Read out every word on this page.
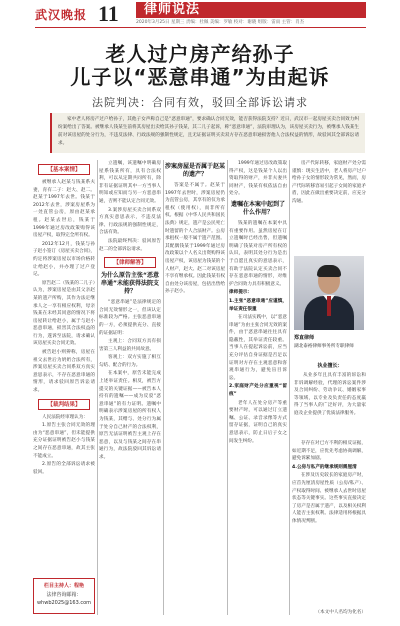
武汉晚报 11 律师说法
2020年3月25日 星期三 责编：杜佩 美编：罗敏 校对：谢晓 组版：雷雨 主管：肖杰
老人过户房产给孙子
儿子以“恶意串通”为由起诉
法院判决：合同有效，驳回全部诉讼请求

家中老人将房产过户给孙子，其他子女声称自己是“恶意串通”，要求确认合同无效，能否获得法院支持？近日，武汉市一起房屋买卖合同效力纠纷案给出了答案。被继承人钱某生前将其房屋出卖给其孙子钱某，其二儿子起诉，称“恶意串通”，法院审理认为，该房屋买卖行为，被继承人钱某生前对该房屋的处分行为，不违反法律、行政法规的强制性规定，且无证据证明买卖双方存在恶意串通损害他人合法权益的情形，故驳回其全部诉讼请求。

【基本案情】

被继承人赵某与钱某系夫妻，育有二子：赵大、赵二。赵某于1997年去世。钱某于2012年去世，涉案房屋系为一处直管公房，原由赵某承租。赵某去世后，钱某于1999年通过房改政策购得该房屋产权，取得完全所有权。

2012年12月，钱某与孙子赵小签订《房屋买卖合同》，约定将涉案房屋以市场价格转让给赵小，并办理了过户登记。

原告赵二（钱某的二儿子）认为，涉案房屋是由其父亲赵某的遗产所购，其作为法定继承人之一享有相应权利，母亲钱某在未经其同意的情况下将房屋转让给赵小，属于与赵小恶意串通，损害其合法权益的行为，遂诉至法院，请求确认该房屋买卖合同无效。

被告赵小则辨称，房屋在祖父去世后为奶奶合法所有，涉案房屋买卖合同系双方真实意思表示，不存在恶意串通的情形，请求驳回原告诉讼请求。

【裁判结果】

人民法院经审理认为：

1.原告主张合同无效的理由为“恶意串通”，但未能提供充分证据证明被告赵小与钱某之间存在恶意串通，故其主张不能成立。

2.原告的全部诉讼请求被驳回。

栏目主持人：程艳
法律咨询邮箱：
whwb2025@163.com

立遗嘱，该遗嘱中明确房屋系钱某所有，具有合法权利，可以从定期共同所有，除非有证据证明其中一方当事人明知或应知而与另一方恶意串通，否则不能认定合同无效。

3.案涉房屋买卖合同系双方真实意思表示，不违反法律、行政法规的强制性规定，合法有效。

法院最终判决：驳回原告赵二的全部诉讼请求。

【律师解答】
为什么原告主张“恶意串通”未能获得法院支持？

“恶意串通”是法律规定的合同无效情形之一，但该认定标准较为严格。主张恶意串通的一方，必须提供充分、直接的证据证明：

主观上：合同双方具有损害第三人利益的共同故意。

客观上：双方实施了相互勾结、配合的行为。

在本案中，原告未能完成上述举证责任。相反，被告方提交的关键证据——被告本人持有的遗嘱——成为反驳“恶意串通”的有力证明。遗嘱中明确表示涉案房屋的所有权人为钱某，其赠与、处分行为属于处分自己财产的合法权利，原告无法证明被告主观上存在恶意，以及与钱某之间存在串通行为，故法院驳回其诉讼请求。

涉案房屋是否属于赵某的遗产？

答案是不属于。赵某于1997年去世时，涉案房屋仍为直管公房，其享有的仅为承租权（使用权），而非所有权。根据《中华人民共和国民法典》规定，遗产是公民死亡时遗留的个人合法财产。公房承租权一般不属于遗产范围。其配偶钱某于1999年通过房改政策以个人名义出资购得该房屋产权，该房屋为钱某的个人财产，赵大、赵二对该房屋不享有继承权。因此钱某有权自由处分该房屋，包括出售给孙子赵小。

1999年通过房改政策取得产权，这是钱某个人以出资取得的财产，并非夫妻共同财产，钱某有权依法自由处分。

遗嘱在本案中起到了什么作用？

钱某的遗嘱在本案中具有重要作用。虽然房屋在订立遗嘱时已经出售，但遗嘱明确了钱某对房产所有权的认识，表明其处分行为是出于自愿且真实的意思表示，有助于法院认定买卖合同不存在恶意串通的情形，对维护合同效力具有积极意义。

律师提示：

1.主张“恶意串通”应谨慎，举证责任很重

在司法实践中，以“恶意串通”为由主张合同无效的案件，由于恶意串通往往具有隐蔽性，其举证责任较重。当事人在提起诉讼前，应当充分评估自身证据是否足以证明对方存在主观恶意和客观串通行为，避免盲目诉讼。

2.家庭财产处分应重视“留痕”

老年人在处分房产等重要财产时，可以通过订立遗嘱、公证、录音录像等方式留存证据，证明自己的真实意思表示，防止日后子女之间发生纠纷。

房产代际转移，家庭财产处分需谨慎：现实生活中，老人将房产过户给孙子女的情形较为常见，然而，房产代际转移容易引起子女间的家庭矛盾，因此在做出重要决定前，应充分沟通。

郑直律师
湖北泰裕律师事务所专职律师
执业擅长：

从业多年且具有丰富的诉讼和非诉调解经验，代理的诉讼案件涉及合同纠纷、劳动争议、婚姻家事等领域，以专业及负责任的态度赢得了当事人的广泛好评，为大量家庭及企业提供了优质法律服务。

存存在对已方不利的相反证据，如近期不足，应优先考虑协商调解，避免诉累加剧。

4.公房与私产的继承规则需厘清

在涉及历史较长的家庭房产时，应首先厘清房屋性质（公房/私产）、产权取得时间、被继承人去世时房屋状态等关键事实。这些事实直接决定了房产是否属于遗产，以及相关权利人能否主张权利。法律适用将根据具体情况判断。

（本文中人名均为化名）
